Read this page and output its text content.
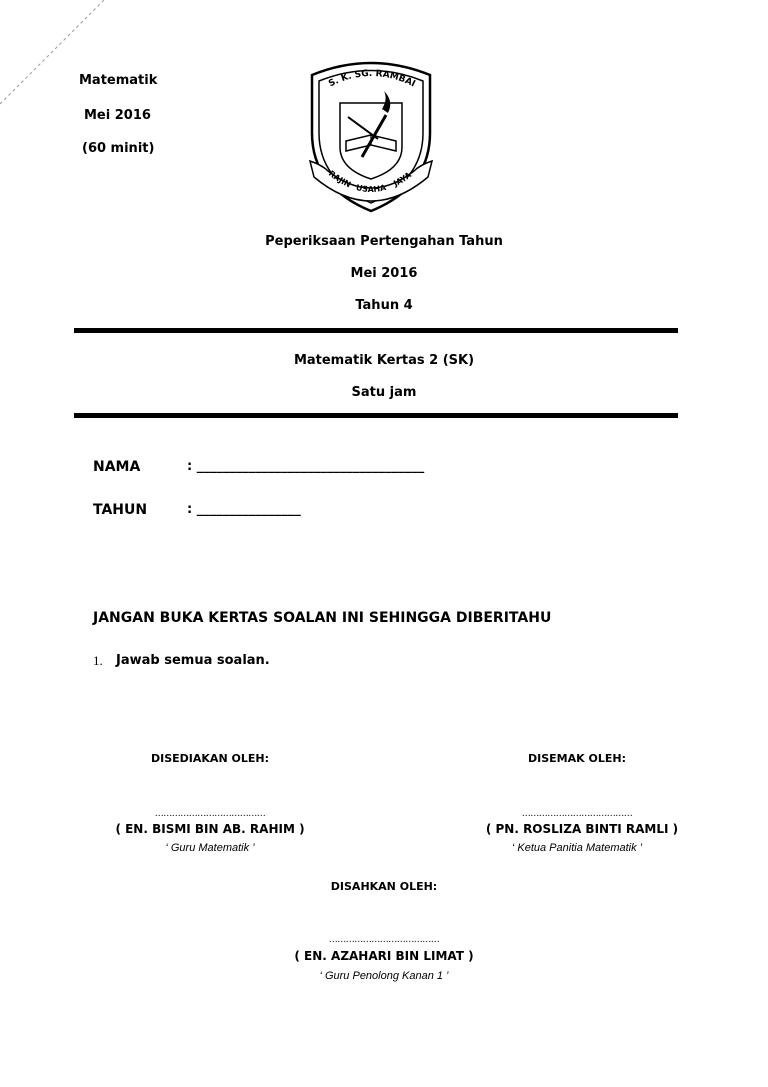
Matematik
Mei 2016
(60 minit)
S. K. SG. RAMBAI
RAJIN USAHA JAYA
Peperiksaan Pertengahan Tahun
Mei 2016
Tahun 4
Matematik Kertas 2 (SK)
Satu jam
NAMA	: ___________________________________
TAHUN	: ________________
JANGAN BUKA KERTAS SOALAN INI SEHINGGA DIBERITAHU
1. Jawab semua soalan.
DISEDIAKAN OLEH:
…………………………………
( EN. BISMI BIN AB. RAHIM )
‘ Guru Matematik ’
DISEMAK OLEH:
…………………………………
( PN. ROSLIZA BINTI RAMLI )
‘ Ketua Panitia Matematik ’
DISAHKAN OLEH:
…………………………………
( EN. AZAHARI BIN LIMAT )
‘ Guru Penolong Kanan 1 ’
